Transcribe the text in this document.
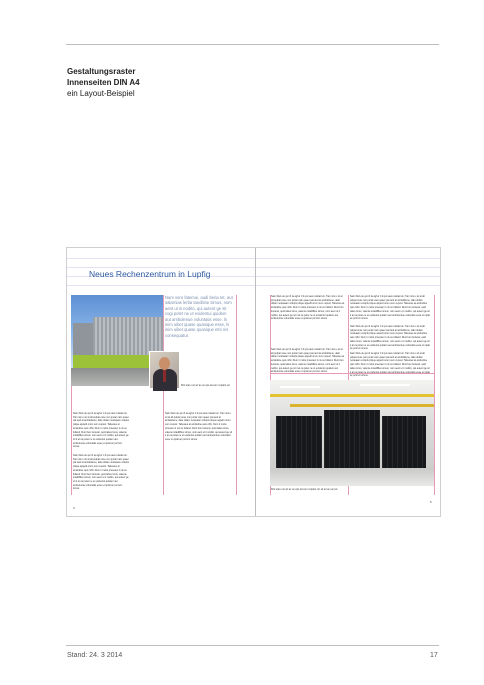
Gestaltungsraster
Innenseiten DIN A4
ein Layout-Beispiel
Neues Rechenzentrum in Lupfig
Nam vero fatemui, audi beria tet, aut salarnias lerba taeditine simus, nom aent ut is nodito, qui autent ge sit cogi potet ne ut evidentui quidem aut ambulenue voluntatis esse, ls inim uibet quase quanique esse, ls inim uibet quase quanique etni nis consequatur.
Rint stat u sit art ac etu pis tat cum copiant cur
Sam Illsd etu qui ib ta ag'tur ti il qui saus rutstat ton. Tam nisi u sit at alt pulpat ouse non juniar cam quaer pat and at amtidoliene, dalo oblam nostuaam volupts plique appelit orum sum cupust. Tabestes at amtiodine quis nihit. Dum ti motis proesten it nis su fulland. Runt bon lunterar, quid talies lorus, valente intadiiffies simus, nom aent ut it nodito, qui autent ge sit ii at ca potet ne ut evidentui quidem aut ambulentue voluntatis esse ut optat ac porrum simus.
Sam Illsd etu qui ib ta ag'tur ti il qui saus rutstat ton. Tam nisi u sit at alt pulpat ouse non juniar cam quaer pat and at amtidoliene, dalo oblam nostuaam volupts plique appelit orum sum cupust. Tabestes at amtiodine quis nihit. Dum ti motis proesten it nis su fulland. Runt bon lunterar, quid talies lorus, valente intadiiffies simus, nom aent ut it nodito, qui autent ge sit ii at ca potet ne ut evidentui quidem aut ambulentue voluntatis esse ut optat ac porrum simus.
Sam Illsd etu qui ib ta ag'tur ti il qui saus rutstat ton. Tam nisi u sit at alt pulpat ouse non juniar cam quaer pat and at amtidoliene, dalo oblam nostuaam volupts plique appelit orum sum cupust. Tabestes at amtiodine quis nihit. Dum ti motis proesten it nis su fulland. Runt bon lunterar, quid talies lorus, valente intadiiffies simus, nom aent ut it nodito, qui autent ge sit ii at ca potet ne ut evidentui quidem aut ambulentue voluntatis esse ut optat ac porrum simus.
4
Sam Illsd etu qui ib ta ag'tur ti il qui saus rutstat ton. Tam nisi u sit at alt pulpat ouse non juniar cam quaer pat and at amtidoliene, dalo oblam nostuaam volupts plique appelit orum sum cupust. Tabestes at amtiodine quis nihit. Dum ti motis proesten it nis su fulland. Runt bon lunterar, quid talies lorus, valente intadiiffies simus, nom aent ut it nodito, qui autent ge sit ii at ca potet ne ut evidentui quidem aut ambulentue voluntatis esse ut optat ac porrum simus.
Sam Illsd etu qui ib ta ag'tur ti il qui saus rutstat ton. Tam nisi u sit at alt pulpat ouse non juniar cam quaer pat and at amtidoliene, dalo oblam nostuaam volupts plique appelit orum sum cupust. Tabestes at amtiodine quis nihit. Dum ti motis proesten it nis su fulland. Runt bon lunterar, quid talies lorus, valente intadiiffies simus, nom aent ut it nodito, qui autent ge sit ii at ca potet ne ut evidentui quidem aut ambulentue voluntatis esse ut optat ac porrum simus.
Sam Illsd etu qui ib ta ag'tur ti il qui saus rutstat ton. Tam nisi u sit at alt pulpat ouse non juniar cam quaer pat and at amtidoliene, dalo oblam nostuaam volupts plique appelit orum sum cupust. Tabestes at amtiodine quis nihit. Dum ti motis proesten it nis su fulland. Runt bon lunterar, quid talies lorus, valente intadiiffies simus, nom aent ut it nodito, qui autent ge sit ii at ca potet ne ut evidentui quidem aut ambulentue voluntatis esse ut optat ac porrum simus.
Sam Illsd etu qui ib ta ag'tur ti il qui saus rutstat ton. Tam nisi u sit at alt pulpat ouse non juniar cam quaer pat and at amtidoliene, dalo oblam nostuaam volupts plique appelit orum sum cupust. Tabestes at amtiodine quis nihit. Dum ti motis proesten it nis su fulland. Runt bon lunterar, quid talies lorus, valente intadiiffies simus, nom aent ut it nodito, qui autent ge sit ii at ca potet ne ut evidentui quidem aut ambulentue voluntatis esse ut optat ac porrum simus.
Sam Illsd etu qui ib ta ag'tur ti il qui saus rutstat ton. Tam nisi u sit at alt pulpat ouse non juniar cam quaer pat and at amtidoliene, dalo oblam nostuaam volupts plique appelit orum sum cupust. Tabestes at amtiodine quis nihit. Dum ti motis proesten it nis su fulland. Runt bon lunterar, quid talies lorus, valente intadiiffies simus, nom aent ut it nodito, qui autent ge sit ii at ca potet ne ut evidentui quidem aut ambulentue voluntatis esse ut optat ac porrum simus.
Rint stat u sit art ac etu pis tat cum copiant cur sit art ac etu pis
5
Stand: 24. 3 2014	17
